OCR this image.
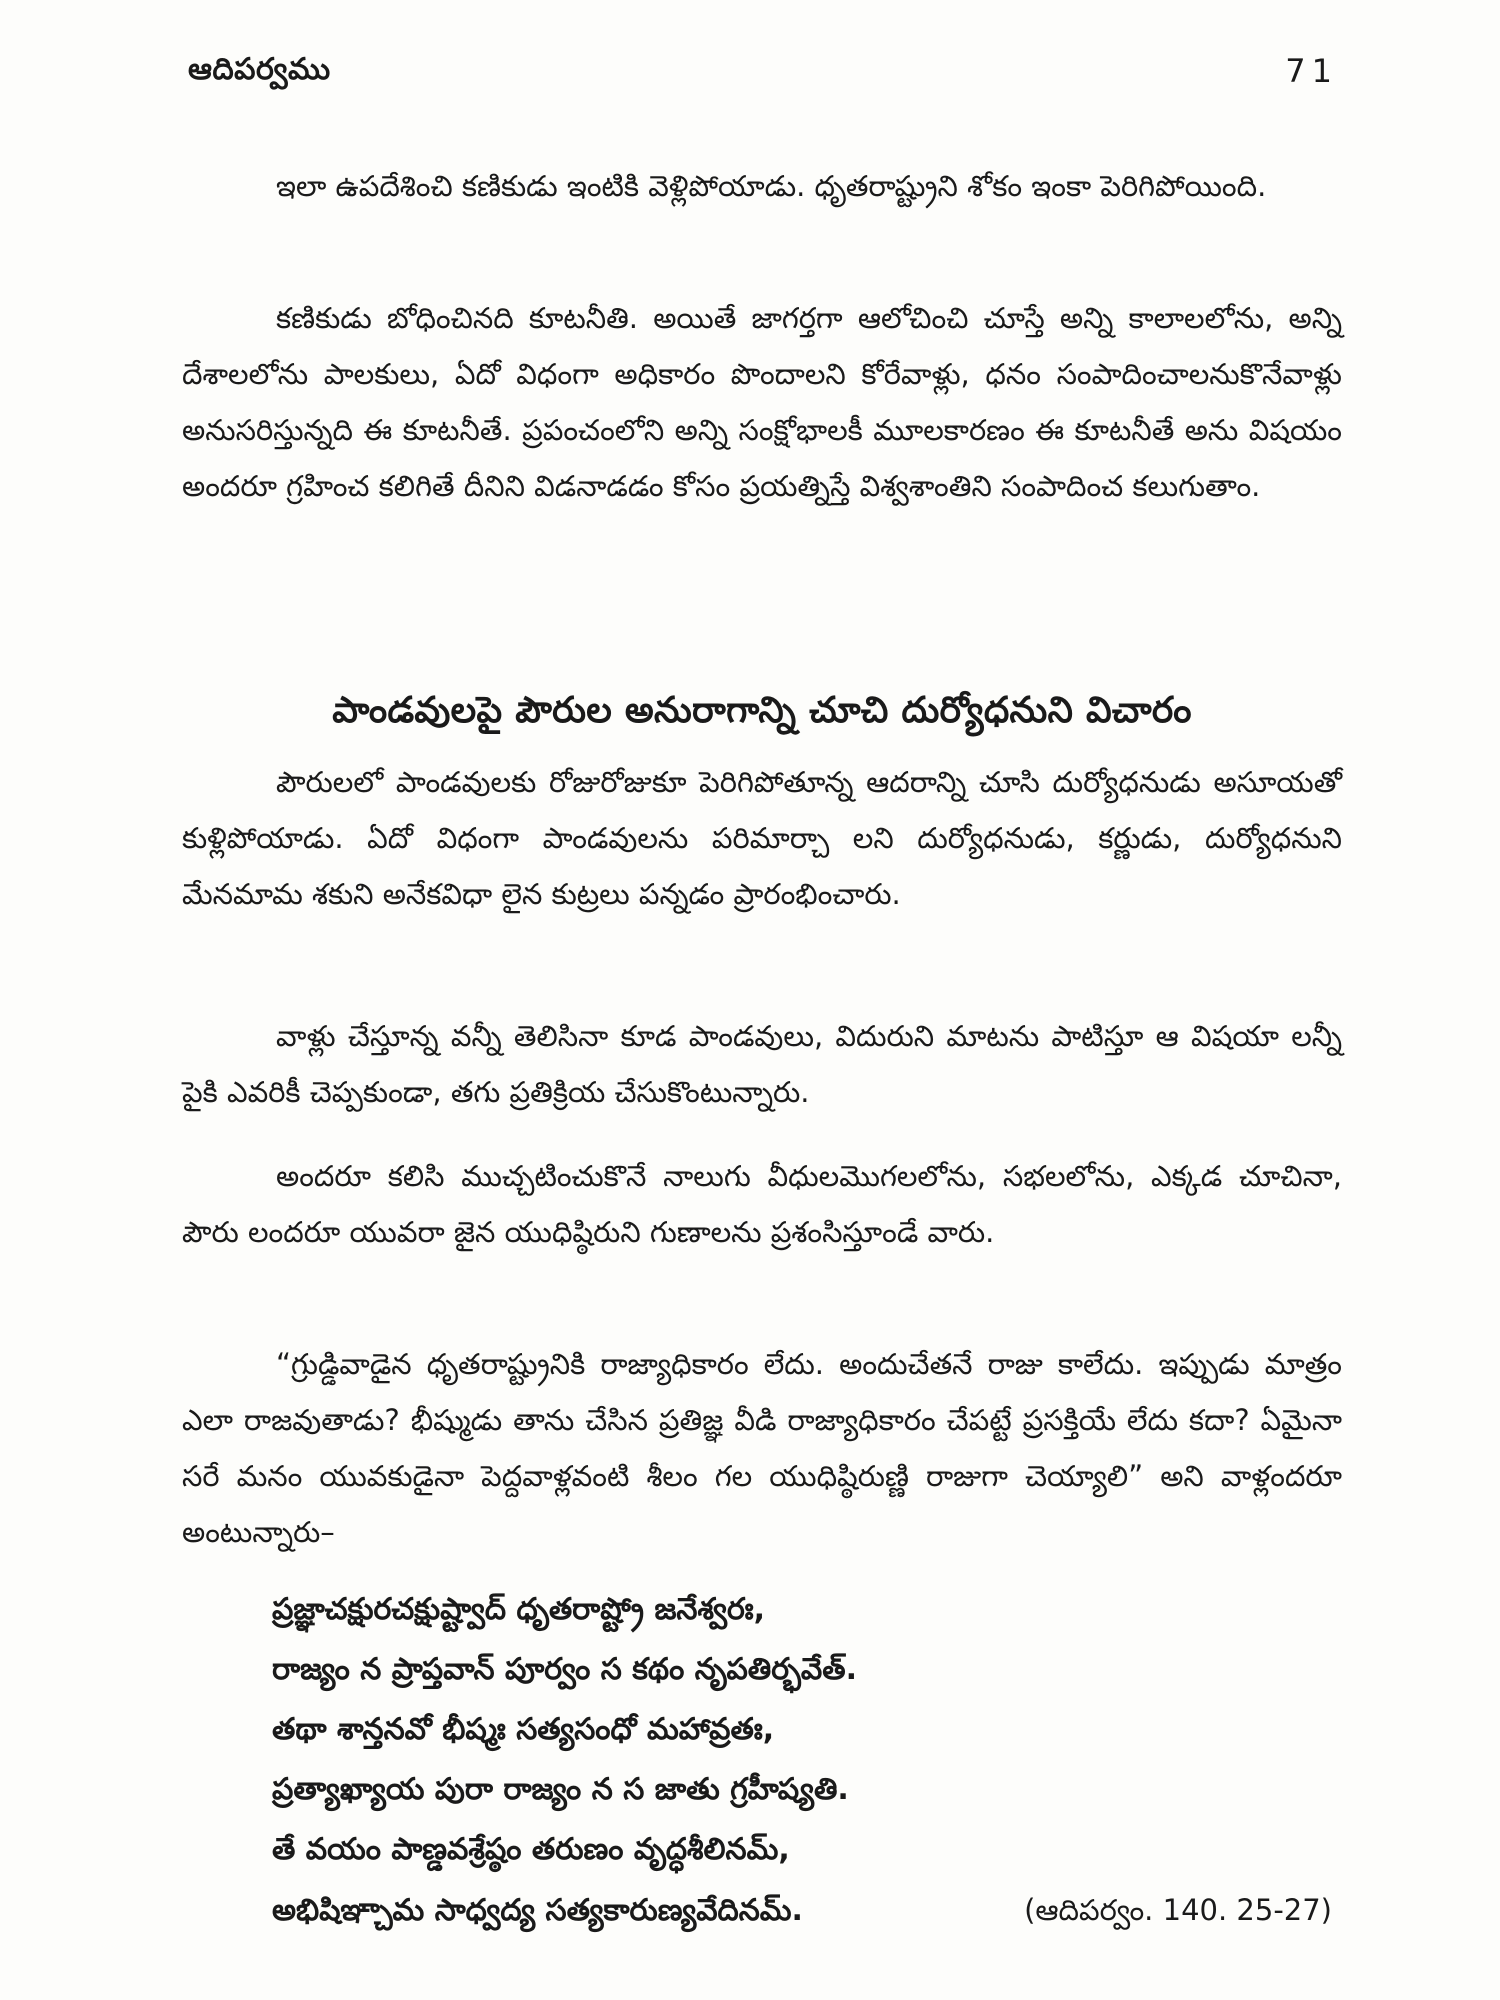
ఆదిపర్వము	71

ఇలా ఉపదేశించి కణికుడు ఇంటికి వెళ్లిపోయాడు. ధృతరాష్ట్రుని శోకం ఇంకా పెరిగిపోయింది.

కణికుడు బోధించినది కూటనీతి. అయితే జాగర్తగా ఆలోచించి చూస్తే అన్ని కాలాలలోను, అన్ని దేశాలలోను పాలకులు, ఏదో విధంగా అధికారం పొందాలని కోరేవాళ్లు, ధనం సంపాదించాలనుకొనేవాళ్లు అనుసరిస్తున్నది ఈ కూటనీతే. ప్రపంచంలోని అన్ని సంక్షోభాలకీ మూలకారణం ఈ కూటనీతే అను విషయం అందరూ గ్రహించ కలిగితే దీనిని విడనాడడం కోసం ప్రయత్నిస్తే విశ్వశాంతిని సంపాదించ కలుగుతాం.

పాండవులపై పౌరుల అనురాగాన్ని చూచి దుర్యోధనుని విచారం

పౌరులలో పాండవులకు రోజురోజుకూ పెరిగిపోతూన్న ఆదరాన్ని చూసి దుర్యోధనుడు అసూయతో కుళ్లిపోయాడు. ఏదో విధంగా పాండవులను పరిమార్చా లని దుర్యోధనుడు, కర్ణుడు, దుర్యోధనుని మేనమామ శకుని అనేకవిధా లైన కుట్రలు పన్నడం ప్రారంభించారు.

వాళ్లు చేస్తూన్న వన్నీ తెలిసినా కూడ పాండవులు, విదురుని మాటను పాటిస్తూ ఆ విషయా లన్నీ పైకి ఎవరికీ చెప్పకుండా, తగు ప్రతిక్రియ చేసుకొంటున్నారు.

అందరూ కలిసి ముచ్చటించుకొనే నాలుగు వీధులమొగలలోను, సభలలోను, ఎక్కడ చూచినా, పౌరు లందరూ యువరా జైన యుధిష్ఠిరుని గుణాలను ప్రశంసిస్తూండే వారు.

“గ్రుడ్డివాడైన ధృతరాష్ట్రునికి రాజ్యాధికారం లేదు. అందుచేతనే రాజు కాలేదు. ఇప్పుడు మాత్రం ఎలా రాజవుతాడు? భీష్ముడు తాను చేసిన ప్రతిజ్ఞ వీడి రాజ్యాధికారం చేపట్టే ప్రసక్తియే లేదు కదా? ఏమైనా సరే మనం యువకుడైనా పెద్దవాళ్లవంటి శీలం గల యుధిష్ఠిరుణ్ణి రాజుగా చెయ్యాలి” అని వాళ్లందరూ అంటున్నారు–

ప్రజ్ఞాచక్షురచక్షుష్ట్వాద్ ధృతరాష్ట్రో జనేశ్వరః,
రాజ్యం న ప్రాప్తవాన్ పూర్వం స కథం నృపతిర్భవేత్.
తథా శాన్తనవో భీష్మః సత్యసంధో మహావ్రతః,
ప్రత్యాఖ్యాయ పురా రాజ్యం న స జాతు గ్రహీష్యతి.
తే వయం పాణ్డవశ్రేష్ఠం తరుణం వృద్ధశీలినమ్,
అభిషిఞ్చామ సాధ్వద్య సత్యకారుణ్యవేదినమ్.	(ఆదిపర్వం. 140. 25-27)
